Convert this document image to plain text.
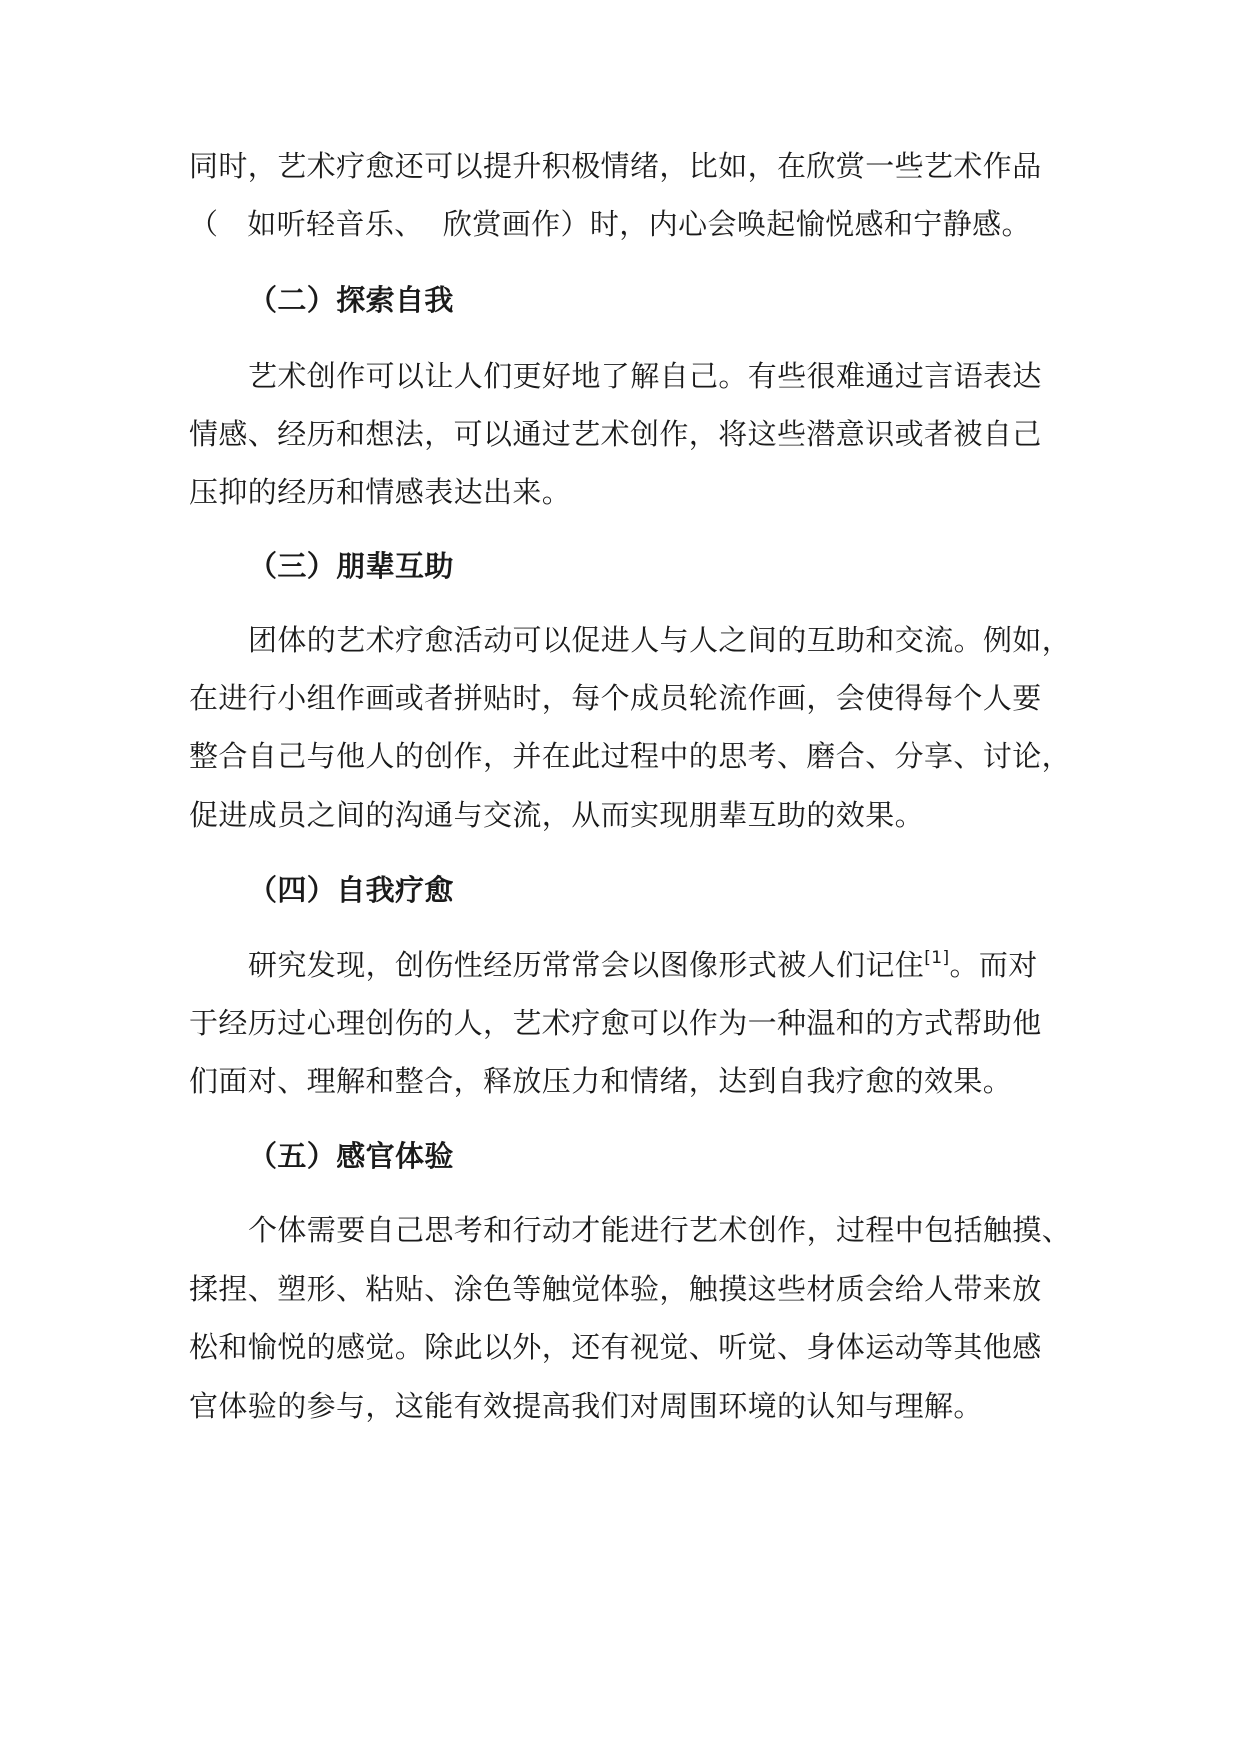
同时，艺术疗愈还可以提升积极情绪，比如，在欣赏一些艺术作品
（   如听轻音乐、  欣赏画作）时，内心会唤起愉悦感和宁静感。
（二）探索自我
艺术创作可以让人们更好地了解自己。有些很难通过言语表达
情感、经历和想法，可以通过艺术创作，将这些潜意识或者被自己
压抑的经历和情感表达出来。
（三）朋辈互助
团体的艺术疗愈活动可以促进人与人之间的互助和交流。例如，
在进行小组作画或者拼贴时，每个成员轮流作画，会使得每个人要
整合自己与他人的创作，并在此过程中的思考、磨合、分享、讨论，
促进成员之间的沟通与交流，从而实现朋辈互助的效果。
（四）自我疗愈
研究发现，创伤性经历常常会以图像形式被人们记住[1]。而对
于经历过心理创伤的人，艺术疗愈可以作为一种温和的方式帮助他
们面对、理解和整合，释放压力和情绪，达到自我疗愈的效果。
（五）感官体验
个体需要自己思考和行动才能进行艺术创作，过程中包括触摸、
揉捏、塑形、粘贴、涂色等触觉体验，触摸这些材质会给人带来放
松和愉悦的感觉。除此以外，还有视觉、听觉、身体运动等其他感
官体验的参与，这能有效提高我们对周围环境的认知与理解。
